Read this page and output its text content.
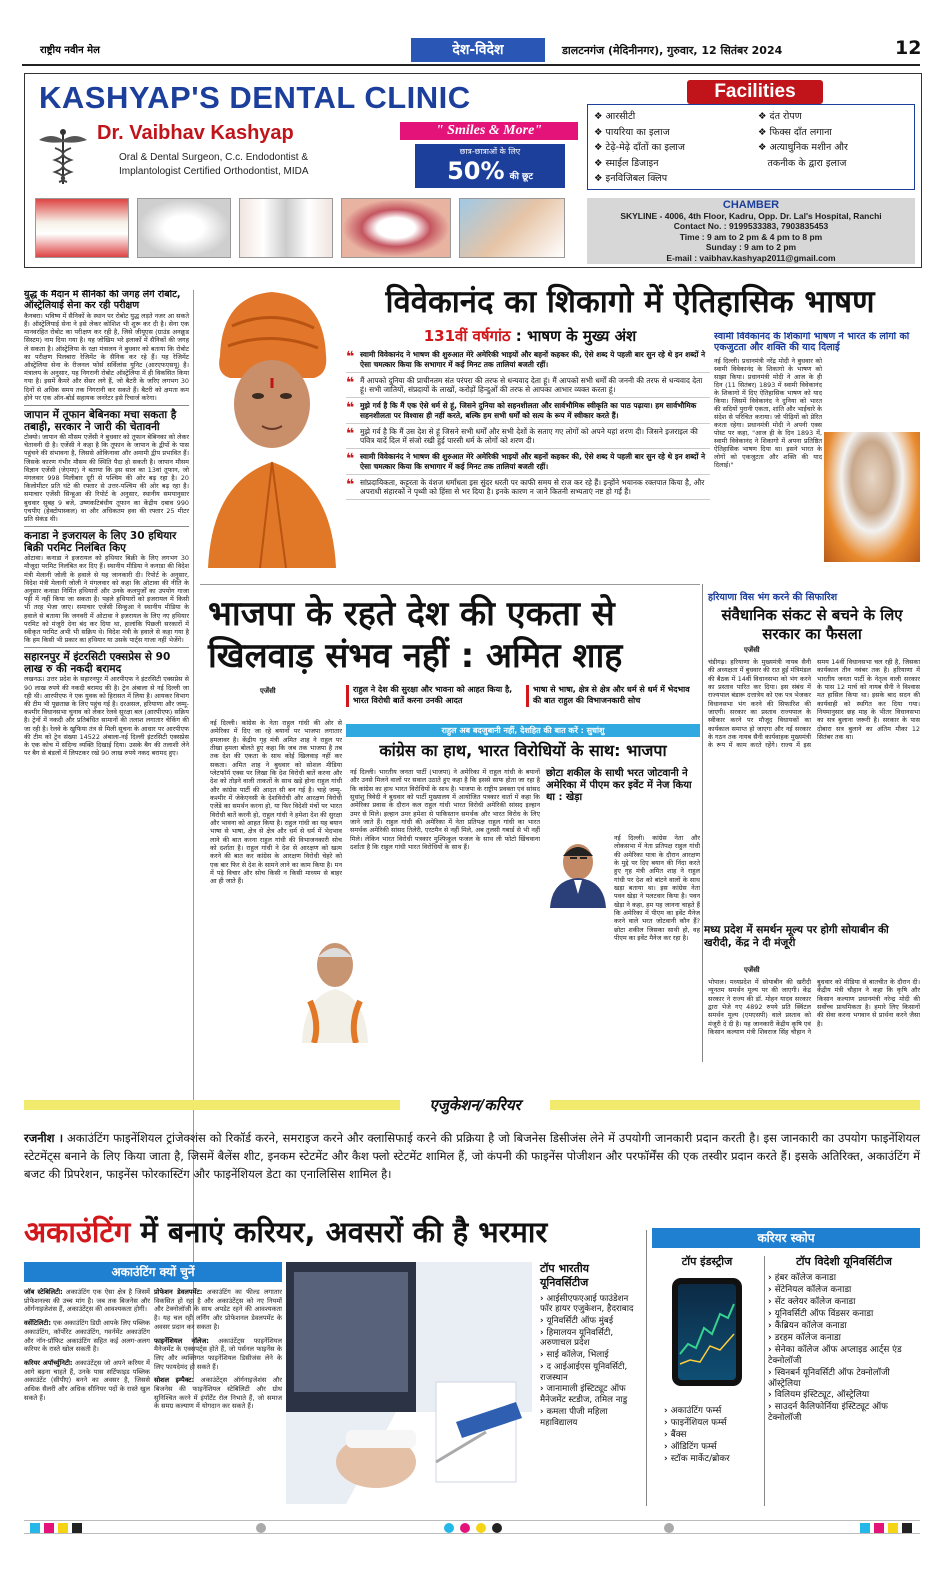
राष्ट्रीय नवीन मेल	देश-विदेश	डालटनगंज (मेदिनीनगर), गुरुवार, 12 सितंबर 2024	12
KASHYAP'S DENTAL CLINIC
Dr. Vaibhav Kashyap
Oral & Dental Surgeon, C.c. Endodontist &
Implantologist Certified Orthodontist, MIDA
" Smiles & More"
छात्र-छात्राओं के लिए
50% की छूट
Facilities
❖ आरसीटी
❖ पायरिया का इलाज
❖ टेढ़े-मेढ़े दाँतों का इलाज
❖ स्माईल डिजाइन
❖ इनविजिबल क्लिप
❖ दंत रोपण
❖ फिक्स दाँत लगाना
❖ अत्याधुनिक मशीन और
 तकनीक के द्वारा इलाज
CHAMBER
SKYLINE - 4006, 4th Floor, Kadru, Opp. Dr. Lal's Hospital, Ranchi
Contact No. : 9199533383, 7903835453
Time : 9 am to 2 pm & 4 pm to 8 pm
Sunday : 9 am to 2 pm
E-mail : vaibhav.kashyap2011@gmail.com
युद्ध के मैदान में सैनिकों की जगह लेंगे रोबोट, ऑस्ट्रेलियाई सेना कर रही परीक्षण

कैनबरा। भविष्य में सैनिकों के स्थान पर रोबोट युद्ध लड़ते नजर आ सकते हैं। ऑस्ट्रेलियाई सेना ने इसे लेकर कोशिश भी शुरू कर दी है। सेना एक मानवरहित रोबोट का परीक्षण कर रही है, जिसे जीयूएस (ग्राउंड अनक्रूड सिस्टम) नाम दिया गया है। यह जोखिम भरे इलाकों में सैनिकों की जगह ले सकता है। ऑस्ट्रेलिया के रक्षा मंत्रालय ने बुधवार को बताया कि रोबोट का परीक्षण पिलबारा रेजिमेंट के सैनिक कर रहे हैं। यह रेजिमेंट ऑस्ट्रेलिया सेना के रीजनल फोर्स सर्विलांस यूनिट (आरएफएसयू) है। मंत्रालय के अनुसार, यह निगरानी रोबोट ऑस्ट्रेलिया में ही विकसित किया गया है। इसमें कैमरे और सेंसर लगे हैं, जो बैटरी के जरिए लगभग 30 दिनों से अधिक समय तक निगरानी कर सकते हैं। बैटरी को क्षमता कम होने पर एक ऑन-बोर्ड सहायक जनरेटर इसे रिचार्ज करेगा।

जापान में तूफान बेबिनका मचा सकता है तबाही, सरकार ने जारी की चेतावनी

टोक्यो। जापान की मौसम एजेंसी ने बुधवार को तूफान बेबिनका को लेकर चेतावनी दी है। एजेंसी ने कहा है कि तूफान के जापान के द्वीपों के पास पहुंचने की संभावना है, जिससे ओकिनावा और अमामी द्वीप प्रभावित हैं। जिसके कारण गंभीर मौसम की स्थिति पैदा हो सकती है। जापान मौसम विज्ञान एजेंसी (जेएमए) ने बताया कि इस साल का 13वां तूफान, जो मंगलवार 998 मिलीबार दूरी से पश्चिम की ओर बढ़ रहा है। 20 किलोमीटर प्रति घंटे की रफ्तार से उत्तर-पश्चिम की ओर बढ़ रहा है। समाचार एजेंसी सिन्हुआ की रिपोर्ट के अनुसार, स्थानीय समयानुसार बुधवार सुबह 9 बजे, उष्णकटिबंधीय तूफान का केंद्रीय दबाव 990 एचपीए (हेक्टोपास्कल) था और अधिकतम हवा की रफ्तार 25 मीटर प्रति सेकंड थी।

कनाडा ने इजरायल के लिए 30 हथियार बिक्री परमिट निलंबित किए

ओटावा। कनाडा ने इजरायल को हथियार बिक्री के लिए लगभग 30 मौजूदा परमिट निलंबित कर दिए हैं। स्थानीय मीडिया ने कनाडा की विदेश मंत्री मेलानी जोली के हवाले से यह जानकारी दी। रिपोर्ट के अनुसार, विदेश मंत्री मेलानी जोली ने मंगलवार को कहा कि ओटावा की नीति के अनुसार कनाडा निर्मित हथियारों और उनके कलपुर्जों का उपयोग गाजा पट्टी में नहीं किया जा सकता है। पहले हथियारों को इजरायल में किसी भी तरह भेजा जाए। समाचार एजेंसी सिन्हुआ ने स्थानीय मीडिया के हवाले से बताया कि जनवरी में ओटावा ने इजरायल के लिए नए हथियार परमिट को मंजूरी देना बंद कर दिया था, हालांकि पिछली सरकारों में स्वीकृत परमिट अभी भी सक्रिय थे। विदेश मंत्री के हवाले से कहा गया है कि हम किसी भी प्रकार का हथियार या उसके पार्ट्स गाजा नहीं भेजेंगे।

सहारनपुर में इंटरसिटी एक्सप्रेस से 90 लाख रु की नकदी बरामद

लखनऊ। उत्तर प्रदेश के सहारनपुर में आरपीएफ ने इंटरसिटी एक्सप्रेस से 90 लाख रुपये की नकदी बरामद की है। ट्रेन अंबाला से नई दिल्ली जा रही थी। आरपीएफ ने एक युवक को हिरासत में लिया है। आयकर विभाग की टीम भी पूछताछ के लिए पहुंच गई है। दरअसल, हरियाणा और जम्मू-कश्मीर विधानसभा चुनाव को लेकर रेलवे सुरक्षा बल (आरपीएफ) सक्रिय है। ट्रेनों में नकदी और प्रतिबंधित सामानों की तलाश लगातार चेकिंग की जा रही है। रेलवे के खुफिया तंत्र से मिली सूचना के आधार पर आरपीएफ की टीम को ट्रेन संख्या 14522 अंबाला-नई दिल्ली इंटरसिटी एक्सप्रेस के एक कोच में संदिग्ध व्यक्ति दिखाई दिया। उसके बैग की तलाशी लेने पर बैग से बंडलों में लिपटकर रखे 90 लाख रुपये नकद बरामद हुए।

विवेकानंद का शिकागो में ऐतिहासिक भाषण
131वीं वर्षगांठ : भाषण के मुख्य अंश
❝ स्वामी विवेकानंद ने भाषण की शुरुआत मेरे अमेरिकी भाइयों और बहनों कहकर की, ऐसे शब्द ये पहली बार सुन रहे थे इन शब्दों ने ऐसा चमत्कार किया कि सभागार में कई मिनट तक तालियां बजती रहीं।
❝ मैं आपको दुनिया की प्राचीनतम संत परंपरा की तरफ से धन्यवाद देता हूं। मैं आपको सभी धर्मों की जननी की तरफ से धन्यवाद देता हूं। सभी जातियों, संप्रदायों के लाखों, करोड़ों हिन्दुओं की तरफ से आपका आभार व्यक्त करता हूं।
❝ मुझे गर्व है कि मैं एक ऐसे धर्म से हूं, जिसने दुनिया को सहनशीलता और सार्वभौमिक स्वीकृति का पाठ पढ़ाया। हम सार्वभौमिक सहनशीलता पर विश्वास ही नहीं करते, बल्कि हम सभी धर्मों को सत्य के रूप में स्वीकार करते हैं।
❝ मुझे गर्व है कि मैं उस देश से हूं जिसने सभी धर्मों और सभी देशों के सताए गए लोगों को अपने यहां शरण दी। जिसने इजराइल की पवित्र यादें दिल में संजो रखी हुई पारसी धर्म के लोगों को शरण दी।
❝ स्वामी विवेकानंद ने भाषण की शुरुआत मेरे अमेरिकी भाइयों और बहनों कहकर की, ऐसे शब्द ये पहली बार सुन रहे थे इन शब्दों ने ऐसा चमत्कार किया कि सभागार में कई मिनट तक तालियां बजती रहीं।
❝ सांप्रदायिकता, कट्टरता के वंशज धर्मांधता इस सुंदर धरती पर काफी समय से राज कर रहे हैं। इन्होंने भयानक रक्तपात किया है, और अपराधी संहारकों ने पृथ्वी को हिंसा से भर दिया है। इनके कारण न जाने कितनी सभ्यताएं नष्ट हो गईं हैं।
स्वामी विवेकानंद के शिकागो भाषण ने भारत के लोगों को एकजुटता और शक्ति की याद दिलाई

नई दिल्ली। प्रधानमंत्री नरेंद्र मोदी ने बुधवार को स्वामी विवेकानंद के शिकागो के भाषण को साझा किया। प्रधानमंत्री मोदी ने आज के ही दिन (11 सितंबर) 1893 में स्वामी विवेकानंद के शिकागो में दिए ऐतिहासिक भाषण को याद किया। जिसमें विवेकानंद ने दुनिया को भारत की सदियों पुरानी एकता, शांति और भाईचारे के संदेश से परिचित कराया। जो पीढ़ियों को प्रेरित करता रहेगा। प्रधानमंत्री मोदी ने अपनी एक्स पोस्ट पर कहा, "आज ही के दिन 1893 में, स्वामी विवेकानंद ने शिकागो में अपना प्रतिष्ठित ऐतिहासिक भाषण दिया था। इसने भारत के लोगों को एकजुटता और शक्ति की याद दिलाई।"

भाजपा के रहते देश की एकता से
खिलवाड़ संभव नहीं : अमित शाह
एजेंसी	राहुल ने देश की सुरक्षा और भावना को आहत किया है, भारत विरोधी बातें करना उनकी आदत
भाषा से भाषा, क्षेत्र से क्षेत्र और धर्म से धर्म में भेदभाव की बात राहुल की विभाजनकारी सोच

नई दिल्ली। कांग्रेस के नेता राहुल गांधी की ओर से अमेरिका में दिए जा रहे बयानों पर भाजपा लगातार हमलावर है। केंद्रीय गृह मंत्री अमित शाह ने राहुल पर तीखा हमला बोलते हुए कहा कि जब तक भाजपा है तब तक देश की एकता के साथ कोई खिलवाड़ नहीं कर सकता। अमित शाह ने बुधवार को सोशल मीडिया प्लेटफॉर्म एक्स पर लिखा कि देश विरोधी बातें करना और देश को तोड़ने वाली ताकतों के साथ खड़े होना राहुल गांधी और कांग्रेस पार्टी की आदत सी बन गई है। चाहे जम्मू-कश्मीर में जेकेएनसी के देशविरोधी और आरक्षण विरोधी एजेंडे का समर्थन करना हो, या फिर विदेशी मंचों पर भारत विरोधी बातें करनी हो, राहुल गांधी ने हमेशा देश की सुरक्षा और भावना को आहत किया है। राहुल गांधी का यह बयान भाषा से भाषा, क्षेत्र से क्षेत्र और धर्म से धर्म में भेदभाव लाने की बात करना राहुल गांधी की विभाजनकारी सोच को दर्शाता है। राहुल गांधी ने देश से आरक्षण को खत्म करने की बात कर कांग्रेस के आरक्षण विरोधी चेहरे को एक बार फिर से देश के सामने लाने का काम किया है। मन में पड़े विचार और सोच किसी न किसी माध्यम से बाहर आ ही जाते हैं।

राहुल अब बदजुबानी नहीं, देशहित की बात करें : सुधांशु
कांग्रेस का हाथ, भारत विरोधियों के साथ: भाजपा

नई दिल्ली। भारतीय जनता पार्टी (भाजपा) ने अमेरिका में राहुल गांधी के बयानों और उनसे मिलने वालों पर सवाल उठाते हुए कहा है कि इससे साफ होता जा रहा है कि कांग्रेस का हाथ भारत विरोधियों के साथ है। भाजपा के राष्ट्रीय प्रवक्ता एवं सांसद सुधांशु त्रिवेदी ने बुधवार को पार्टी मुख्यालय में आयोजित पत्रकार वार्ता में कहा कि अमेरिका प्रवास के दौरान कल राहुल गांधी भारत विरोधी अमेरिकी सांसद इल्हान उमर से मिले। इल्हान उमर हमेशा से पाकिस्तान समर्थक और भारत विरोध के लिए जाने जाते हैं। राहुल गांधी की अमेरिका में नेता प्रतिपक्ष राहुल गांधी का भारत समर्थक अमेरिकी सांसद तिलेरी, एरटमैन से नहीं मिले, अब तुलसी गबार्ड से भी नहीं मिले। लेकिन भारत विरोधी पत्रकार मुश्फिकुल फजल के साथ ली फोटो खिंचवाना दर्शाता है कि राहुल गांधी भारत विरोधियों के साथ हैं।

छोटा शकील के साथी भरत जोटवानी ने अमेरिका में पीएम कर इवेंट में नेज किया था : खेड़ा

नई दिल्ली। कांग्रेस नेता और लोकसभा में नेता प्रतिपक्ष राहुल गांधी की अमेरिका यात्रा के दौरान आरक्षण के मुद्दे पर दिए बयान की निंदा करते हुए गृह मंत्री अमित शाह ने राहुल गांधी पर देश को बांटने वालों के साथ खड़ा बताया था। इस कांग्रेस नेता पवन खेड़ा ने पलटवार किया है। पवन खेड़ा ने कहा, हम यह जानना चाहते हैं कि अमेरिका में पीएम का इवेंट मैनेज करने वाले भरत जोटवानी कौन हैं? छोटा शकील जिसका साथी हो, वह पीएम का इवेंट मैनेज कर रहा है।

हरियाणा विस भंग करने की सिफारिश
संवैधानिक संकट से बचने के लिए सरकार का फैसला
एजेंसी

चंडीगढ़। हरियाणा के मुख्यमंत्री नायब सैनी की अध्यक्षता में बुधवार की रात हुई मंत्रिमंडल की बैठक में 14वीं विधानसभा को भंग करने का प्रस्ताव पारित कर दिया। इस संबंध में राज्यपाल बंडारू दत्तात्रेय को एक पत्र भेजकर विधानसभा भंग करने की सिफारिश की जाएगी। सरकार का प्रस्ताव राज्यपाल के स्वीकार करने पर मौजूद विधायकों का कार्यकाल समाप्त हो जाएगा और नई सरकार के गठन तक नायब सैनी कार्यवाहक मुख्यमंत्री के रूप में काम करते रहेंगे। राज्य में इस समय 14वीं विधानसभा चल रही है, जिसका कार्यकाल तीन नवंबर तक है। हरियाणा में भारतीय जनता पार्टी के नेतृत्व वाली सरकार के पास 12 मार्च को नायब सैनी ने विश्वास मत हासिल किया था। इसके बाद सदन की कार्यवाही को स्थगित कर दिया गया। नियमानुसार छह माह के भीतर विधानसभा का सत्र बुलाना जरूरी है। सरकार के पास दोबारा सत्र बुलाने का अंतिम मौका 12 सितंबर तक था।

मध्य प्रदेश में समर्थन मूल्य पर होगी सोयाबीन की खरीदी, केंद्र ने दी मंजूरी
एजेंसी

भोपाल। मध्यप्रदेश में सोयाबीन की खरीदी न्यूनतम समर्थन मूल्य पर की जाएगी। केंद्र सरकार ने राज्य की डॉ. मोहन यादव सरकार द्वारा भेजे गए 4892 रुपये प्रति क्विंटल समर्थन मूल्य (एमएसपी) वाले प्रस्ताव को मंजूरी दे दी है। यह जानकारी केंद्रीय कृषि एवं किसान कल्याण मंत्री शिवराज सिंह चौहान ने बुधवार को मीडिया से बातचीत के दौरान दी। केंद्रीय मंत्री चौहान ने कहा कि कृषि और किसान कल्याण प्रधानमंत्री नरेन्द्र मोदी की सर्वोच्च प्राथमिकता है। हमारे लिए किसानों की सेवा करना भगवान से प्रार्थना करने जैसा है।

एजुकेशन/करियर
रजनीश । अकाउंटिंग फाइनेंशियल ट्रांजेक्शंस को रिकॉर्ड करने, समराइज करने और क्लासिफाई करने की प्रक्रिया है जो बिजनेस डिसीजंस लेने में उपयोगी जानकारी प्रदान करती है। इस जानकारी का उपयोग फाइनेंशियल स्टेटमेंट्स बनाने के लिए किया जाता है, जिसमें बैलेंस शीट, इनकम स्टेटमेंट और कैश फ्लो स्टेटमेंट शामिल हैं, जो कंपनी की फाइनेंस पोजीशन और परफॉर्मेंस की एक तस्वीर प्रदान करते हैं। इसके अतिरिक्त, अकाउंटिंग में बजट की प्रिपरेशन, फाइनेंस फोरकास्टिंग और फाइनेंशियल डेटा का एनालिसिस शामिल है।
अकाउंटिंग में बनाएं करियर, अवसरों की है भरमार
अकाउंटिंग क्यों चुनें
जॉब स्टेबिलिटी: अकाउंटिंग एक ऐसा क्षेत्र है जिसमें प्रोफेशनल्स की उच्च मांग है। जब तक बिजनेस और ऑर्गनाइजेशंस हैं, अकाउंटेंट्स की आवश्यकता होगी।
वर्सेटिलिटी: एक अकाउंटिंग डिग्री आपके लिए पब्लिक अकाउंटिंग, कॉर्पोरेट अकाउंटिंग, गवर्नमेंट अकाउंटिंग और नॉन-प्रॉफिट अकाउंटिंग सहित कई अलग-अलग करियर के रास्ते खोल सकती है।
करियर अपॉर्च्युनिटी: अकाउंटेंट्स जो अपने करियर में आगे बढ़ना चाहते हैं, उनके पास सर्टिफाइड पब्लिक अकाउंटेंट (सीपीए) बनने का अवसर है, जिससे अधिक सैलरी और अधिक सीनियर पदों के रास्ते खुल सकते हैं।
प्रोफेशन डेवलपमेंट: अकाउंटिंग का फील्ड लगातार विकसित हो रहा है और अकाउंटेंट्स को नए नियमों और टेक्नोलॉजी के साथ अपडेट रहने की आवश्यकता है। यह चल रही लर्निंग और प्रोफेशनल डेवलपमेंट के अवसर प्रदान कर सकता है।
फाइनेंशियल नॉलेज: अकाउंटेंट्स फाइनेंशियल मैनेजमेंट के एक्सपर्ट्स होते हैं, जो पर्सनल फाइनेंस के लिए और व्यक्तिगत फाइनेंशियल डिसीजंस लेने के लिए फायदेमंद हो सकते हैं।
सोशल इम्पैक्ट: अकाउंटेंट्स ऑर्गनाइजेशंस और बिजनेस की फाइनेंशियल स्टेबिलिटी और ग्रोथ सुनिश्चित करने में इंपॉर्टेंट रोल निभाते हैं, जो समाज के समग्र कल्याण में योगदान कर सकते हैं।
टॉप भारतीय यूनिवर्सिटीज
› आईसीएफएआई फाउंडेशन फॉर हायर एजुकेशन, हैदराबाद
› यूनिवर्सिटी ऑफ मुंबई
› हिमालयन यूनिवर्सिटी, अरुणाचल प्रदेश
› साई कॉलेज, भिलाई
› द आईआईएस यूनिवर्सिटी, राजस्थान
› जानामाली इंस्टिट्यूट ऑफ मैनेजमेंट स्टडीज, तमिल नाडु
› कमला पीजी महिला महाविद्यालय
करियर स्कोप
टॉप इंडस्ट्रीज
› अकाउंटिंग फर्म्स
› फाइनेंशियल फर्म्स
› बैंक्स
› ऑडिटिंग फर्म्स
› स्टॉक मार्केट/ब्रोकर
टॉप विदेशी यूनिवर्सिटीज
› हंबर कॉलेज कनाडा
› सेंटेनियल कॉलेज कनाडा
› सेंट क्लेयर कॉलेज कनाडा
› यूनिवर्सिटी ऑफ विंडसर कनाडा
› कैंब्रियन कॉलेज कनाडा
› डरहम कॉलेज कनाडा
› सेनेका कॉलेज ऑफ अप्लाइड आर्ट्स एंड टेक्नोलॉजी
› स्विनबर्न यूनिवर्सिटी ऑफ टेक्नोलॉजी ऑस्ट्रेलिया
› विलियम इंस्टिट्यूट, ऑस्ट्रेलिया
› साउदर्न कैलिफोर्निया इंस्टिट्यूट ऑफ टेक्नोलॉजी
